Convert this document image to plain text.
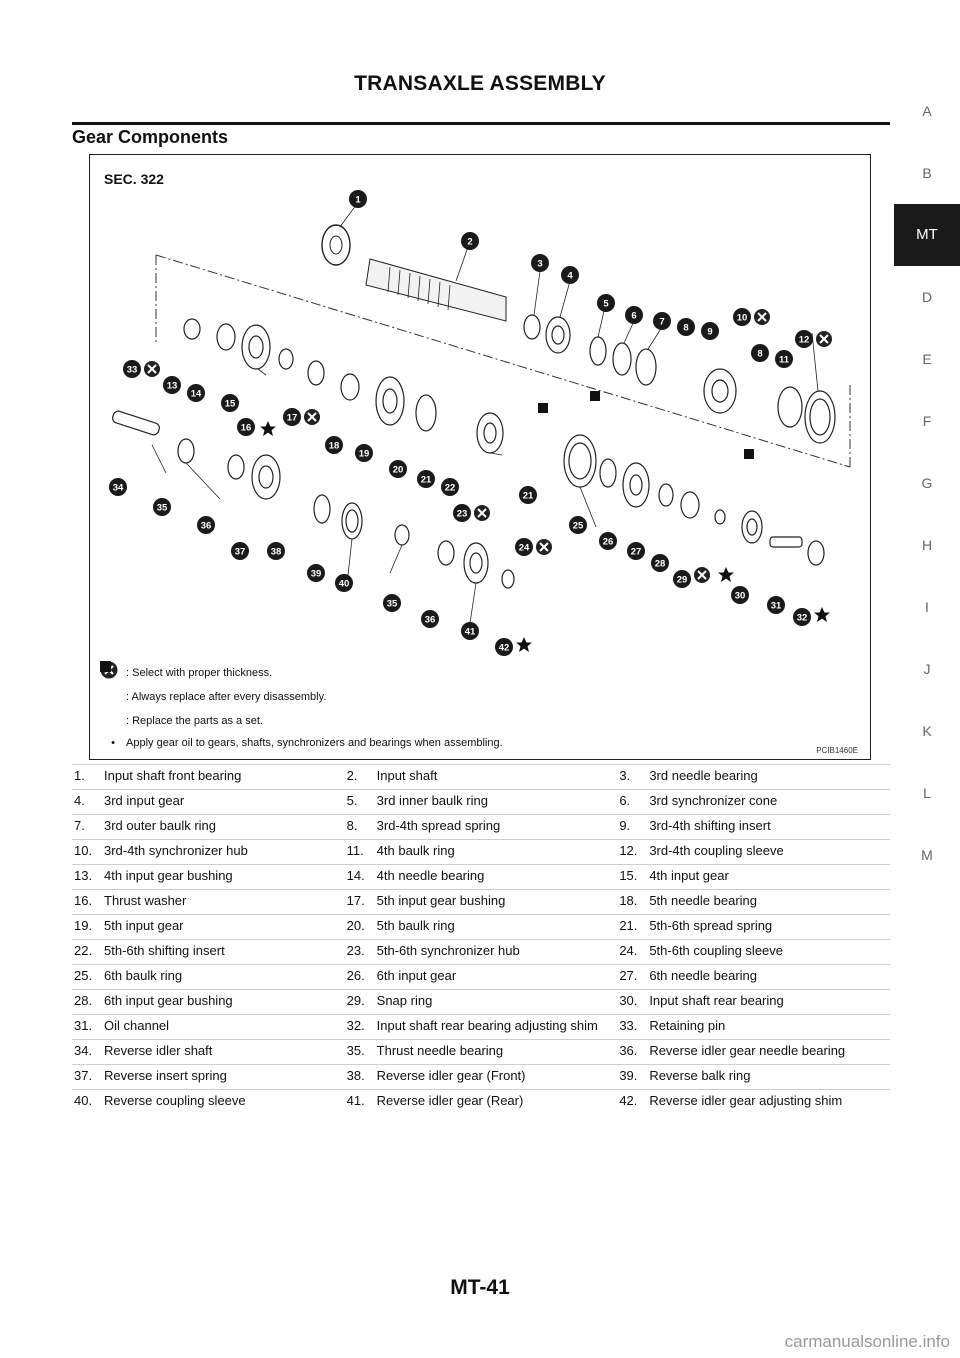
TRANSAXLE ASSEMBLY
Gear Components
A
B
MT
D
E
F
G
H
I
J
K
L
M
1
2
3
4
5
6
7
8 9
10
8
11
12
33
13
14
15
16
17
18
19
20
21
22
23
21
34
35
36
37	38
39
40
35
36
41
42
24
25
26
27
28
29
30
31
32
SEC. 322
: Select with proper thickness.
: Always replace after every disassembly.
: Replace the parts as a set.
•	Apply gear oil to gears, shafts, synchronizers and bearings when assembling.
PCIB1460E
1. Input shaft front bearing	2. Input shaft	3. 3rd needle bearing
4. 3rd input gear	5. 3rd inner baulk ring	6. 3rd synchronizer cone
7. 3rd outer baulk ring	8. 3rd-4th spread spring	9. 3rd-4th shifting insert
10. 3rd-4th synchronizer hub	11. 4th baulk ring	12. 3rd-4th coupling sleeve
13. 4th input gear bushing	14. 4th needle bearing	15. 4th input gear
16. Thrust washer	17. 5th input gear bushing	18. 5th needle bearing
19. 5th input gear	20. 5th baulk ring	21. 5th-6th spread spring
22. 5th-6th shifting insert	23. 5th-6th synchronizer hub	24. 5th-6th coupling sleeve
25. 6th baulk ring	26. 6th input gear	27. 6th needle bearing
28. 6th input gear bushing	29. Snap ring	30. Input shaft rear bearing
31. Oil channel	32. Input shaft rear bearing adjusting shim	33. Retaining pin
34. Reverse idler shaft	35. Thrust needle bearing	36. Reverse idler gear needle bearing
37. Reverse insert spring	38. Reverse idler gear (Front)	39. Reverse balk ring
40. Reverse coupling sleeve	41. Reverse idler gear (Rear)	42. Reverse idler gear adjusting shim
MT-41
carmanualsonline.info
